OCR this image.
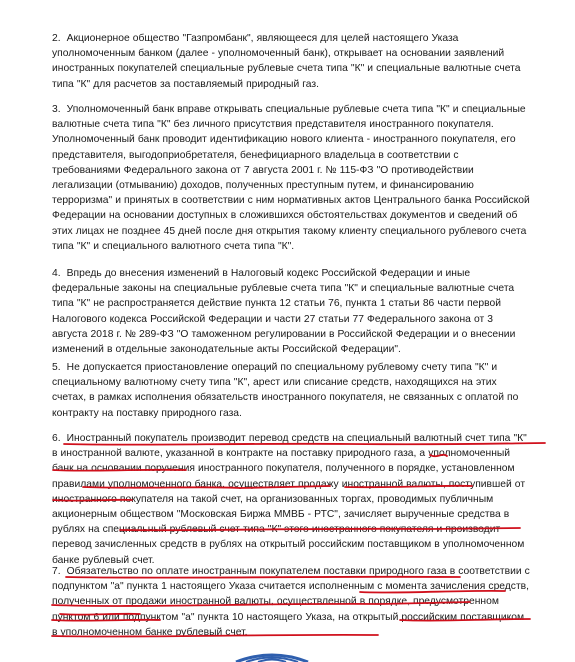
2. Акционерное общество "Газпромбанк", являющееся для целей настоящего Указа уполномоченным банком (далее - уполномоченный банк), открывает на основании заявлений иностранных покупателей специальные рублевые счета типа "К" и специальные валютные счета типа "К" для расчетов за поставляемый природный газ.

3. Уполномоченный банк вправе открывать специальные рублевые счета типа "К" и специальные валютные счета типа "К" без личного присутствия представителя иностранного покупателя. Уполномоченный банк проводит идентификацию нового клиента - иностранного покупателя, его представителя, выгодоприобретателя, бенефициарного владельца в соответствии с требованиями Федерального закона от 7 августа 2001 г. № 115-ФЗ "О противодействии легализации (отмыванию) доходов, полученных преступным путем, и финансированию терроризма" и принятых в соответствии с ним нормативных актов Центрального банка Российской Федерации на основании доступных в сложившихся обстоятельствах документов и сведений об этих лицах не позднее 45 дней после дня открытия такому клиенту специального рублевого счета типа "К" и специального валютного счета типа "К".

4. Впредь до внесения изменений в Налоговый кодекс Российской Федерации и иные федеральные законы на специальные рублевые счета типа "К" и специальные валютные счета типа "К" не распространяется действие пункта 12 статьи 76, пункта 1 статьи 86 части первой Налогового кодекса Российской Федерации и части 27 статьи 77 Федерального закона от 3 августа 2018 г. № 289-ФЗ "О таможенном регулировании в Российской Федерации и о внесении изменений в отдельные законодательные акты Российской Федерации".

5. Не допускается приостановление операций по специальному рублевому счету типа "К" и специальному валютному счету типа "К", арест или списание средств, находящихся на этих счетах, в рамках исполнения обязательств иностранного покупателя, не связанных с оплатой по контракту на поставку природного газа.

6. Иностранный покупатель производит перевод средств на специальный валютный счет типа "К" в иностранной валюте, указанной в контракте на поставку природного газа, а уполномоченный банк на основании поручения иностранного покупателя, полученного в порядке, установленном правилами уполномоченного банка, осуществляет продажу иностранной валюты, поступившей от иностранного покупателя на такой счет, на организованных торгах, проводимых публичным акционерным обществом "Московская Биржа ММВБ - РТС", зачисляет вырученные средства в рублях на специальный рублевый счет типа "К" этого иностранного покупателя и производит перевод зачисленных средств в рублях на открытый российским поставщиком в уполномоченном банке рублевый счет.

7. Обязательство по оплате иностранным покупателем поставки природного газа в соответствии с подпунктом "а" пункта 1 настоящего Указа считается исполненным с момента зачисления средств, полученных от продажи иностранной валюты, осуществленной в порядке, предусмотренном пунктом 6 или подпунктом "а" пункта 10 настоящего Указа, на открытый российским поставщиком в уполномоченном банке рублевый счет.
